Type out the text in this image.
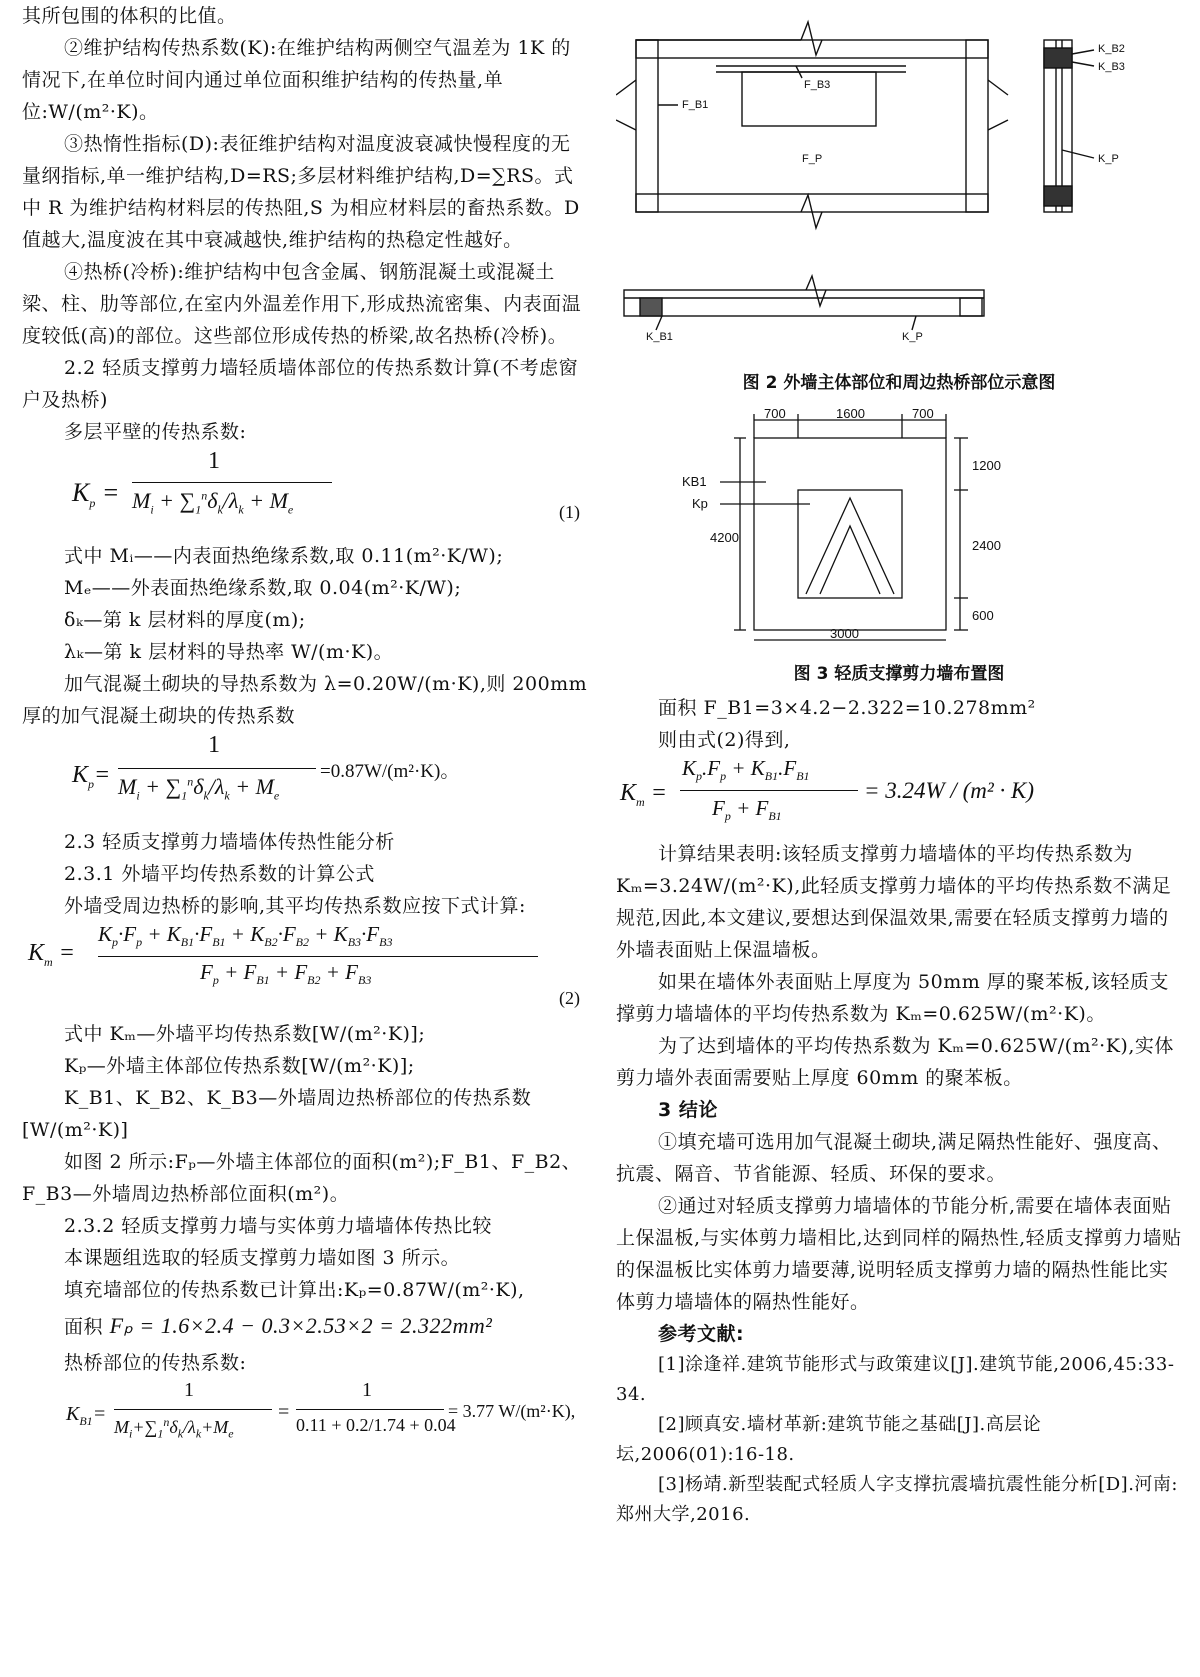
其所包围的体积的比值。

②维护结构传热系数(K):在维护结构两侧空气温差为 1K 的情况下,在单位时间内通过单位面积维护结构的传热量,单位:W/(m²·K)。

③热惰性指标(D):表征维护结构对温度波衰减快慢程度的无量纲指标,单一维护结构,D=RS;多层材料维护结构,D=∑RS。式中 R 为维护结构材料层的传热阻,S 为相应材料层的畜热系数。D 值越大,温度波在其中衰减越快,维护结构的热稳定性越好。

④热桥(冷桥):维护结构中包含金属、钢筋混凝土或混凝土梁、柱、肋等部位,在室内外温差作用下,形成热流密集、内表面温度较低(高)的部位。这些部位形成传热的桥梁,故名热桥(冷桥)。

2.2 轻质支撑剪力墙轻质墙体部位的传热系数计算(不考虑窗户及热桥)

多层平壁的传热系数:

$K_p$ =
1
$M_i + \sum_1^n\delta_k/\lambda_k + M_e$	(1)

式中 Mᵢ——内表面热绝缘系数,取 0.11(m²·K/W);

Mₑ——外表面热绝缘系数,取 0.04(m²·K/W);

δₖ—第 k 层材料的厚度(m);

λₖ—第 k 层材料的导热率 W/(m·K)。

加气混凝土砌块的导热系数为 λ=0.20W/(m·K),则 200mm 厚的加气混凝土砌块的传热系数

$K_p=$
1
$M_i + \sum_1^n\delta_k/\lambda_k + M_e$
=0.87W/(m²·K)。

2.3 轻质支撑剪力墙墙体传热性能分析

2.3.1 外墙平均传热系数的计算公式

外墙受周边热桥的影响,其平均传热系数应按下式计算:

$K_m$ =
$K_p\cdot F_p + K_{B1}\cdot F_{B1} + K_{B2}\cdot F_{B2} + K_{B3}\cdot F_{B3}$
$F_p + F_{B1} + F_{B2} + F_{B3}$
(2)

式中 Kₘ—外墙平均传热系数[W/(m²·K)];

Kₚ—外墙主体部位传热系数[W/(m²·K)];

K_B1、K_B2、K_B3—外墙周边热桥部位的传热系数[W/(m²·K)]

如图 2 所示:Fₚ—外墙主体部位的面积(m²);F_B1、F_B2、F_B3—外墙周边热桥部位面积(m²)。

2.3.2 轻质支撑剪力墙与实体剪力墙墙体传热比较

本课题组选取的轻质支撑剪力墙如图 3 所示。

填充墙部位的传热系数已计算出:Kₚ=0.87W/(m²·K),

面积 Fₚ = 1.6×2.4 − 0.3×2.53×2 = 2.322mm²

热桥部位的传热系数:

$K_{B1}=$
1
$M_i+\sum_1^n\delta_k/\lambda_k+M_e$
=
1
0.11 + 0.2/1.74 + 0.04
= 3.77 W/(m²·K),
F_B3
F_B1
F_P
K_B2
K_B3
K_P
K_B1	K_P
图 2 外墙主体部位和周边热桥部位示意图
700	1600	700
1200
2400
600
4200
3000
KB1
Kp
图 3 轻质支撑剪力墙布置图

面积 F_B1=3×4.2−2.322=10.278mm²

则由式(2)得到,

$K_m$ =
$K_p.F_p + K_{B1}.F_{B1}$
$F_p + F_{B1}$
= 3.24W / (m² · K)

计算结果表明:该轻质支撑剪力墙墙体的平均传热系数为 Kₘ=3.24W/(m²·K),此轻质支撑剪力墙体的平均传热系数不满足规范,因此,本文建议,要想达到保温效果,需要在轻质支撑剪力墙的外墙表面贴上保温墙板。

如果在墙体外表面贴上厚度为 50mm 厚的聚苯板,该轻质支撑剪力墙墙体的平均传热系数为 Kₘ=0.625W/(m²·K)。

为了达到墙体的平均传热系数为 Kₘ=0.625W/(m²·K),实体剪力墙外表面需要贴上厚度 60mm 的聚苯板。

3 结论

①填充墙可选用加气混凝土砌块,满足隔热性能好、强度高、抗震、隔音、节省能源、轻质、环保的要求。

②通过对轻质支撑剪力墙墙体的节能分析,需要在墙体表面贴上保温板,与实体剪力墙相比,达到同样的隔热性,轻质支撑剪力墙贴的保温板比实体剪力墙要薄,说明轻质支撑剪力墙的隔热性能比实体剪力墙墙体的隔热性能好。

参考文献:

[1]涂逢祥.建筑节能形式与政策建议[J].建筑节能,2006,45:33-34.

[2]顾真安.墙材革新:建筑节能之基础[J].高层论坛,2006(01):16-18.

[3]杨靖.新型装配式轻质人字支撑抗震墙抗震性能分析[D].河南:郑州大学,2016.
